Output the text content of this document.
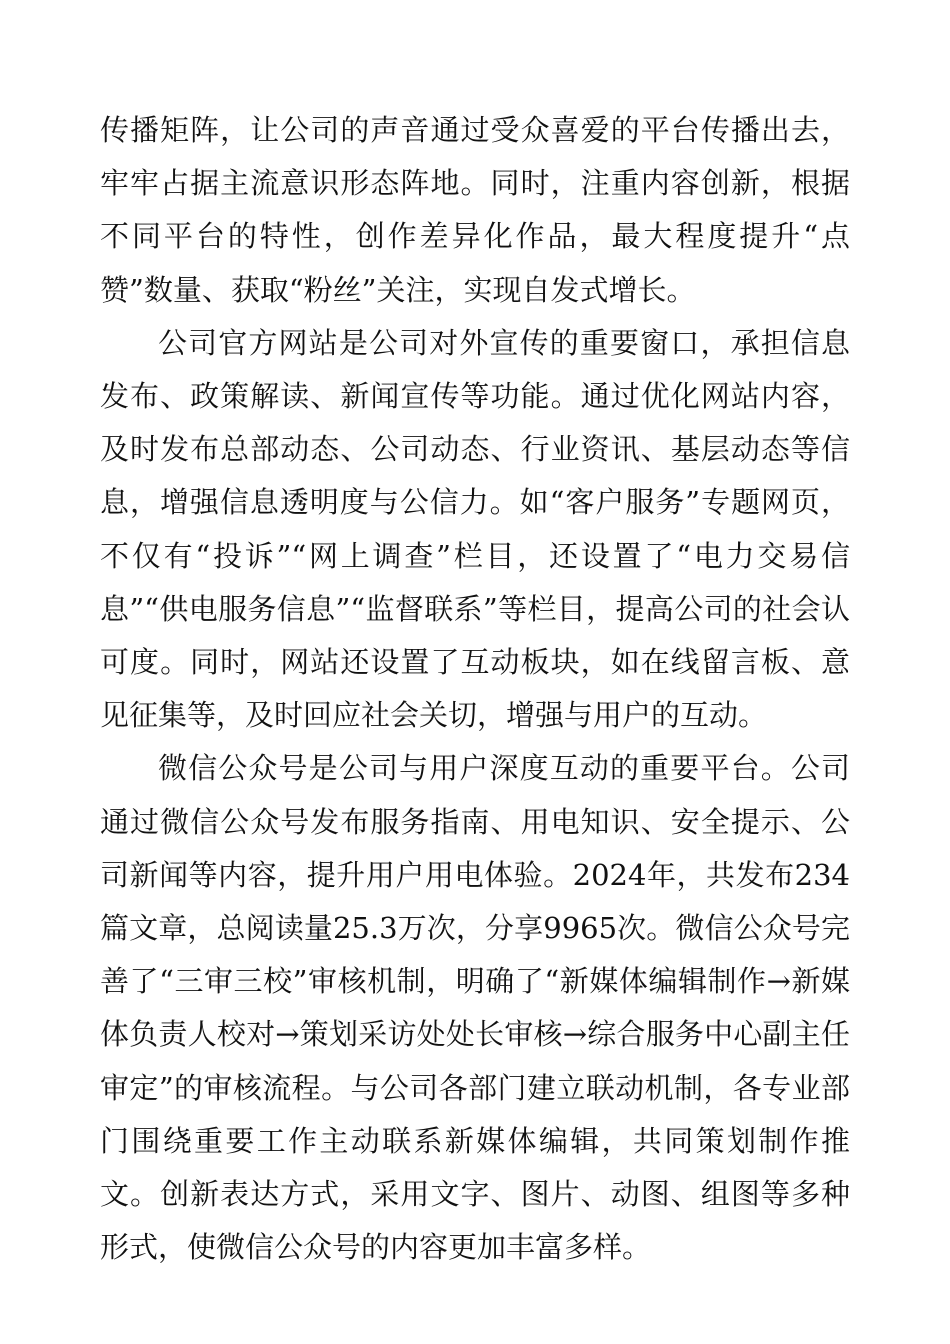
传播矩阵，让公司的声音通过受众喜爱的平台传播出去，牢牢占据主流意识形态阵地。同时，注重内容创新，根据不同平台的特性，创作差异化作品，最大程度提升“点赞”数量、获取“粉丝”关注，实现自发式增长。

公司官方网站是公司对外宣传的重要窗口，承担信息发布、政策解读、新闻宣传等功能。通过优化网站内容，及时发布总部动态、公司动态、行业资讯、基层动态等信息，增强信息透明度与公信力。如“客户服务”专题网页，不仅有“投诉”“网上调查”栏目，还设置了“电力交易信息”“供电服务信息”“监督联系”等栏目，提高公司的社会认可度。同时，网站还设置了互动板块，如在线留言板、意见征集等，及时回应社会关切，增强与用户的互动。

微信公众号是公司与用户深度互动的重要平台。公司通过微信公众号发布服务指南、用电知识、安全提示、公司新闻等内容，提升用户用电体验。2024年，共发布234篇文章，总阅读量25.3万次，分享9965次。微信公众号完善了“三审三校”审核机制，明确了“新媒体编辑制作→新媒体负责人校对→策划采访处处长审核→综合服务中心副主任审定”的审核流程。与公司各部门建立联动机制，各专业部门围绕重要工作主动联系新媒体编辑，共同策划制作推文。创新表达方式，采用文字、图片、动图、组图等多种形式，使微信公众号的内容更加丰富多样。
